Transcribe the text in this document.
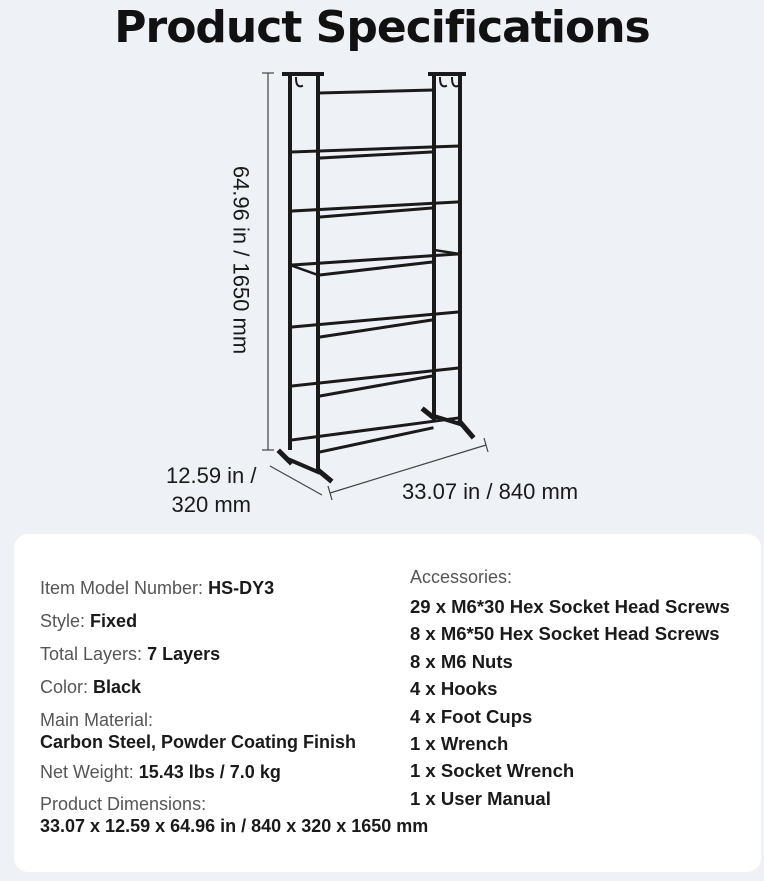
Product Specifications
64.96 in / 1650 mm
12.59 in /
320 mm
33.07 in / 840 mm
Item Model Number: HS-DY3
Style: Fixed
Total Layers: 7 Layers
Color: Black
Main Material:
Carbon Steel, Powder Coating Finish
Net Weight: 15.43 lbs / 7.0 kg
Product Dimensions:
33.07 x 12.59 x 64.96 in / 840 x 320 x 1650 mm
Accessories:
29 x M6*30 Hex Socket Head Screws
8 x M6*50 Hex Socket Head Screws
8 x M6 Nuts
4 x Hooks
4 x Foot Cups
1 x Wrench
1 x Socket Wrench
1 x User Manual
